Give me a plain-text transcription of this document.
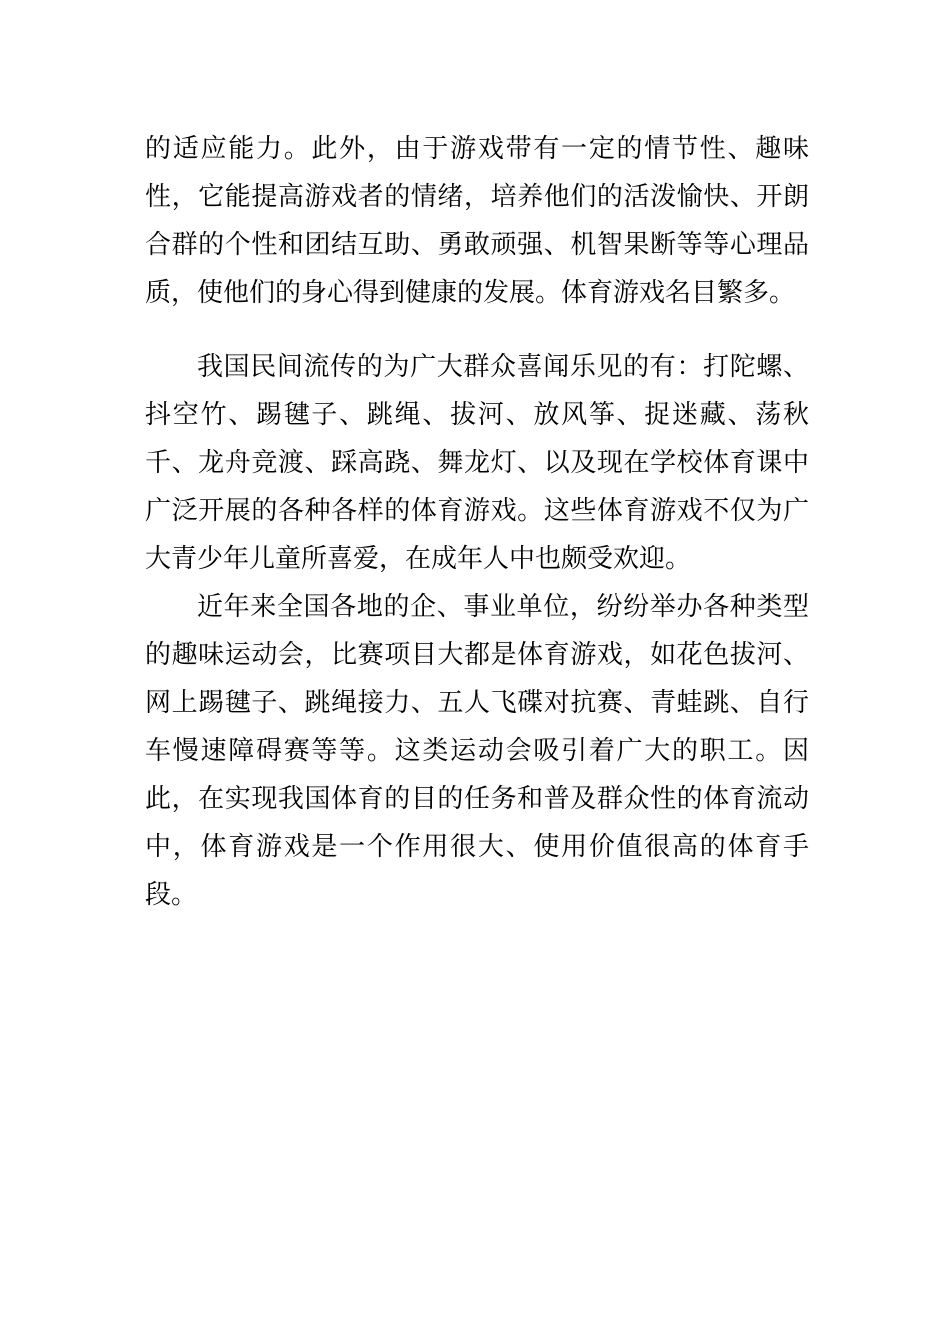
的适应能力。此外，由于游戏带有一定的情节性、趣味性，它能提高游戏者的情绪，培养他们的活泼愉快、开朗合群的个性和团结互助、勇敢顽强、机智果断等等心理品质，使他们的身心得到健康的发展。体育游戏名目繁多。

我国民间流传的为广大群众喜闻乐见的有：打陀螺、抖空竹、踢毽子、跳绳、拔河、放风筝、捉迷藏、荡秋千、龙舟竞渡、踩高跷、舞龙灯、以及现在学校体育课中广泛开展的各种各样的体育游戏。这些体育游戏不仅为广大青少年儿童所喜爱，在成年人中也颇受欢迎。

近年来全国各地的企、事业单位，纷纷举办各种类型的趣味运动会，比赛项目大都是体育游戏，如花色拔河、网上踢毽子、跳绳接力、五人飞碟对抗赛、青蛙跳、自行车慢速障碍赛等等。这类运动会吸引着广大的职工。因此，在实现我国体育的目的任务和普及群众性的体育流动中，体育游戏是一个作用很大、使用价值很高的体育手段。
